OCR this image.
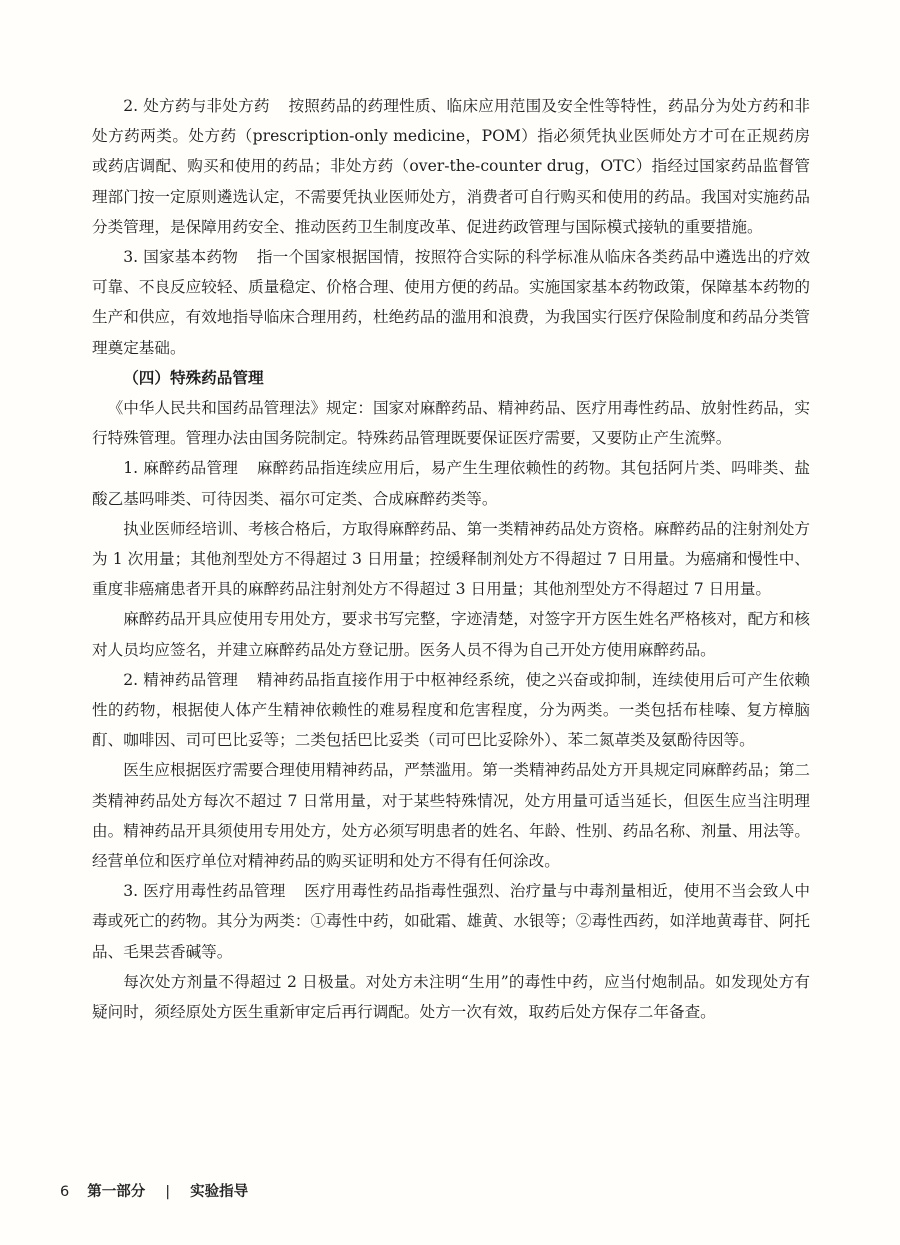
2. 处方药与非处方药 按照药品的药理性质、临床应用范围及安全性等特性，药品分为处方药和非处方药两类。处方药（prescription-only medicine，POM）指必须凭执业医师处方才可在正规药房或药店调配、购买和使用的药品；非处方药（over-the-counter drug，OTC）指经过国家药品监督管理部门按一定原则遴选认定，不需要凭执业医师处方，消费者可自行购买和使用的药品。我国对实施药品分类管理，是保障用药安全、推动医药卫生制度改革、促进药政管理与国际模式接轨的重要措施。

3. 国家基本药物 指一个国家根据国情，按照符合实际的科学标准从临床各类药品中遴选出的疗效可靠、不良反应较轻、质量稳定、价格合理、使用方便的药品。实施国家基本药物政策，保障基本药物的生产和供应，有效地指导临床合理用药，杜绝药品的滥用和浪费，为我国实行医疗保险制度和药品分类管理奠定基础。

（四）特殊药品管理

《中华人民共和国药品管理法》规定：国家对麻醉药品、精神药品、医疗用毒性药品、放射性药品，实行特殊管理。管理办法由国务院制定。特殊药品管理既要保证医疗需要，又要防止产生流弊。

1. 麻醉药品管理 麻醉药品指连续应用后，易产生生理依赖性的药物。其包括阿片类、吗啡类、盐酸乙基吗啡类、可待因类、福尔可定类、合成麻醉药类等。

执业医师经培训、考核合格后，方取得麻醉药品、第一类精神药品处方资格。麻醉药品的注射剂处方为 1 次用量；其他剂型处方不得超过 3 日用量；控缓释制剂处方不得超过 7 日用量。为癌痛和慢性中、重度非癌痛患者开具的麻醉药品注射剂处方不得超过 3 日用量；其他剂型处方不得超过 7 日用量。

麻醉药品开具应使用专用处方，要求书写完整，字迹清楚，对签字开方医生姓名严格核对，配方和核对人员均应签名，并建立麻醉药品处方登记册。医务人员不得为自己开处方使用麻醉药品。

2. 精神药品管理 精神药品指直接作用于中枢神经系统，使之兴奋或抑制，连续使用后可产生依赖性的药物，根据使人体产生精神依赖性的难易程度和危害程度，分为两类。一类包括布桂嗪、复方樟脑酊、咖啡因、司可巴比妥等；二类包括巴比妥类（司可巴比妥除外）、苯二氮䓬类及氨酚待因等。

医生应根据医疗需要合理使用精神药品，严禁滥用。第一类精神药品处方开具规定同麻醉药品；第二类精神药品处方每次不超过 7 日常用量，对于某些特殊情况，处方用量可适当延长，但医生应当注明理由。精神药品开具须使用专用处方，处方必须写明患者的姓名、年龄、性别、药品名称、剂量、用法等。经营单位和医疗单位对精神药品的购买证明和处方不得有任何涂改。

3. 医疗用毒性药品管理 医疗用毒性药品指毒性强烈、治疗量与中毒剂量相近，使用不当会致人中毒或死亡的药物。其分为两类：①毒性中药，如砒霜、雄黄、水银等；②毒性西药，如洋地黄毒苷、阿托品、毛果芸香碱等。

每次处方剂量不得超过 2 日极量。对处方未注明“生用”的毒性中药，应当付炮制品。如发现处方有疑问时，须经原处方医生重新审定后再行调配。处方一次有效，取药后处方保存二年备查。

6 第一部分 | 实验指导
